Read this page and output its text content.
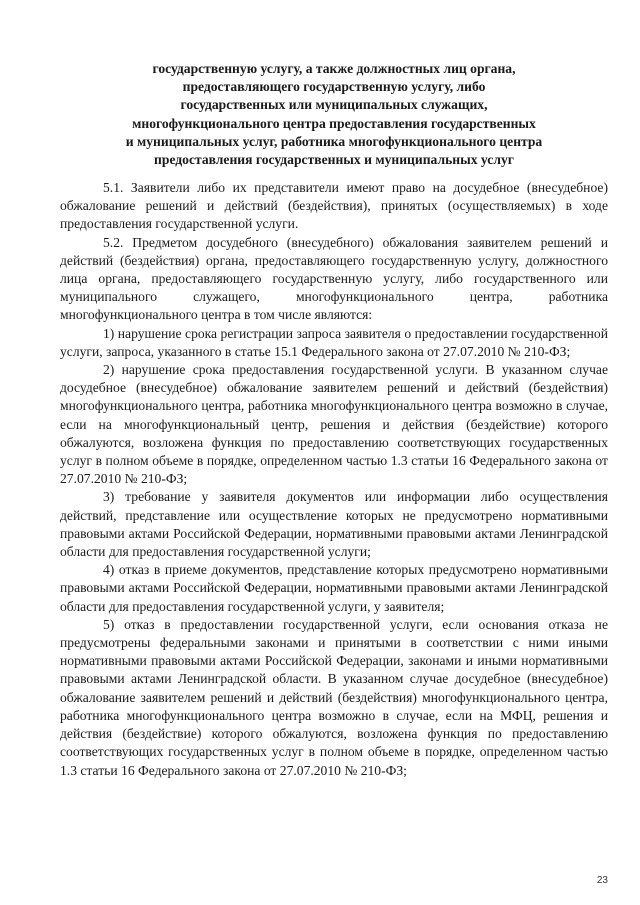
государственную услугу, а также должностных лиц органа,
предоставляющего государственную услугу, либо
государственных или муниципальных служащих,
многофункционального центра предоставления государственных
и муниципальных услуг, работника многофункционального центра
предоставления государственных и муниципальных услуг

5.1. Заявители либо их представители имеют право на досудебное (внесудебное) обжалование решений и действий (бездействия), принятых (осуществляемых) в ходе предоставления государственной услуги.

5.2. Предметом досудебного (внесудебного) обжалования заявителем решений и действий (бездействия) органа, предоставляющего государственную услугу, должностного лица органа, предоставляющего государственную услугу, либо государственного или муниципального служащего, многофункционального центра, работника многофункционального центра в том числе являются:

1) нарушение срока регистрации запроса заявителя о предоставлении государственной услуги, запроса, указанного в статье 15.1 Федерального закона от 27.07.2010 № 210-ФЗ;

2) нарушение срока предоставления государственной услуги. В указанном случае досудебное (внесудебное) обжалование заявителем решений и действий (бездействия) многофункционального центра, работника многофункционального центра возможно в случае, если на многофункциональный центр, решения и действия (бездействие) которого обжалуются, возложена функция по предоставлению соответствующих государственных услуг в полном объеме в порядке, определенном частью 1.3 статьи 16 Федерального закона от 27.07.2010 № 210-ФЗ;

3) требование у заявителя документов или информации либо осуществления действий, представление или осуществление которых не предусмотрено нормативными правовыми актами Российской Федерации, нормативными правовыми актами Ленинградской области для предоставления государственной услуги;

4) отказ в приеме документов, представление которых предусмотрено нормативными правовыми актами Российской Федерации, нормативными правовыми актами Ленинградской области для предоставления государственной услуги, у заявителя;

5) отказ в предоставлении государственной услуги, если основания отказа не предусмотрены федеральными законами и принятыми в соответствии с ними иными нормативными правовыми актами Российской Федерации, законами и иными нормативными правовыми актами Ленинградской области. В указанном случае досудебное (внесудебное) обжалование заявителем решений и действий (бездействия) многофункционального центра, работника многофункционального центра возможно в случае, если на МФЦ, решения и действия (бездействие) которого обжалуются, возложена функция по предоставлению соответствующих государственных услуг в полном объеме в порядке, определенном частью 1.3 статьи 16 Федерального закона от 27.07.2010 № 210-ФЗ;

23
